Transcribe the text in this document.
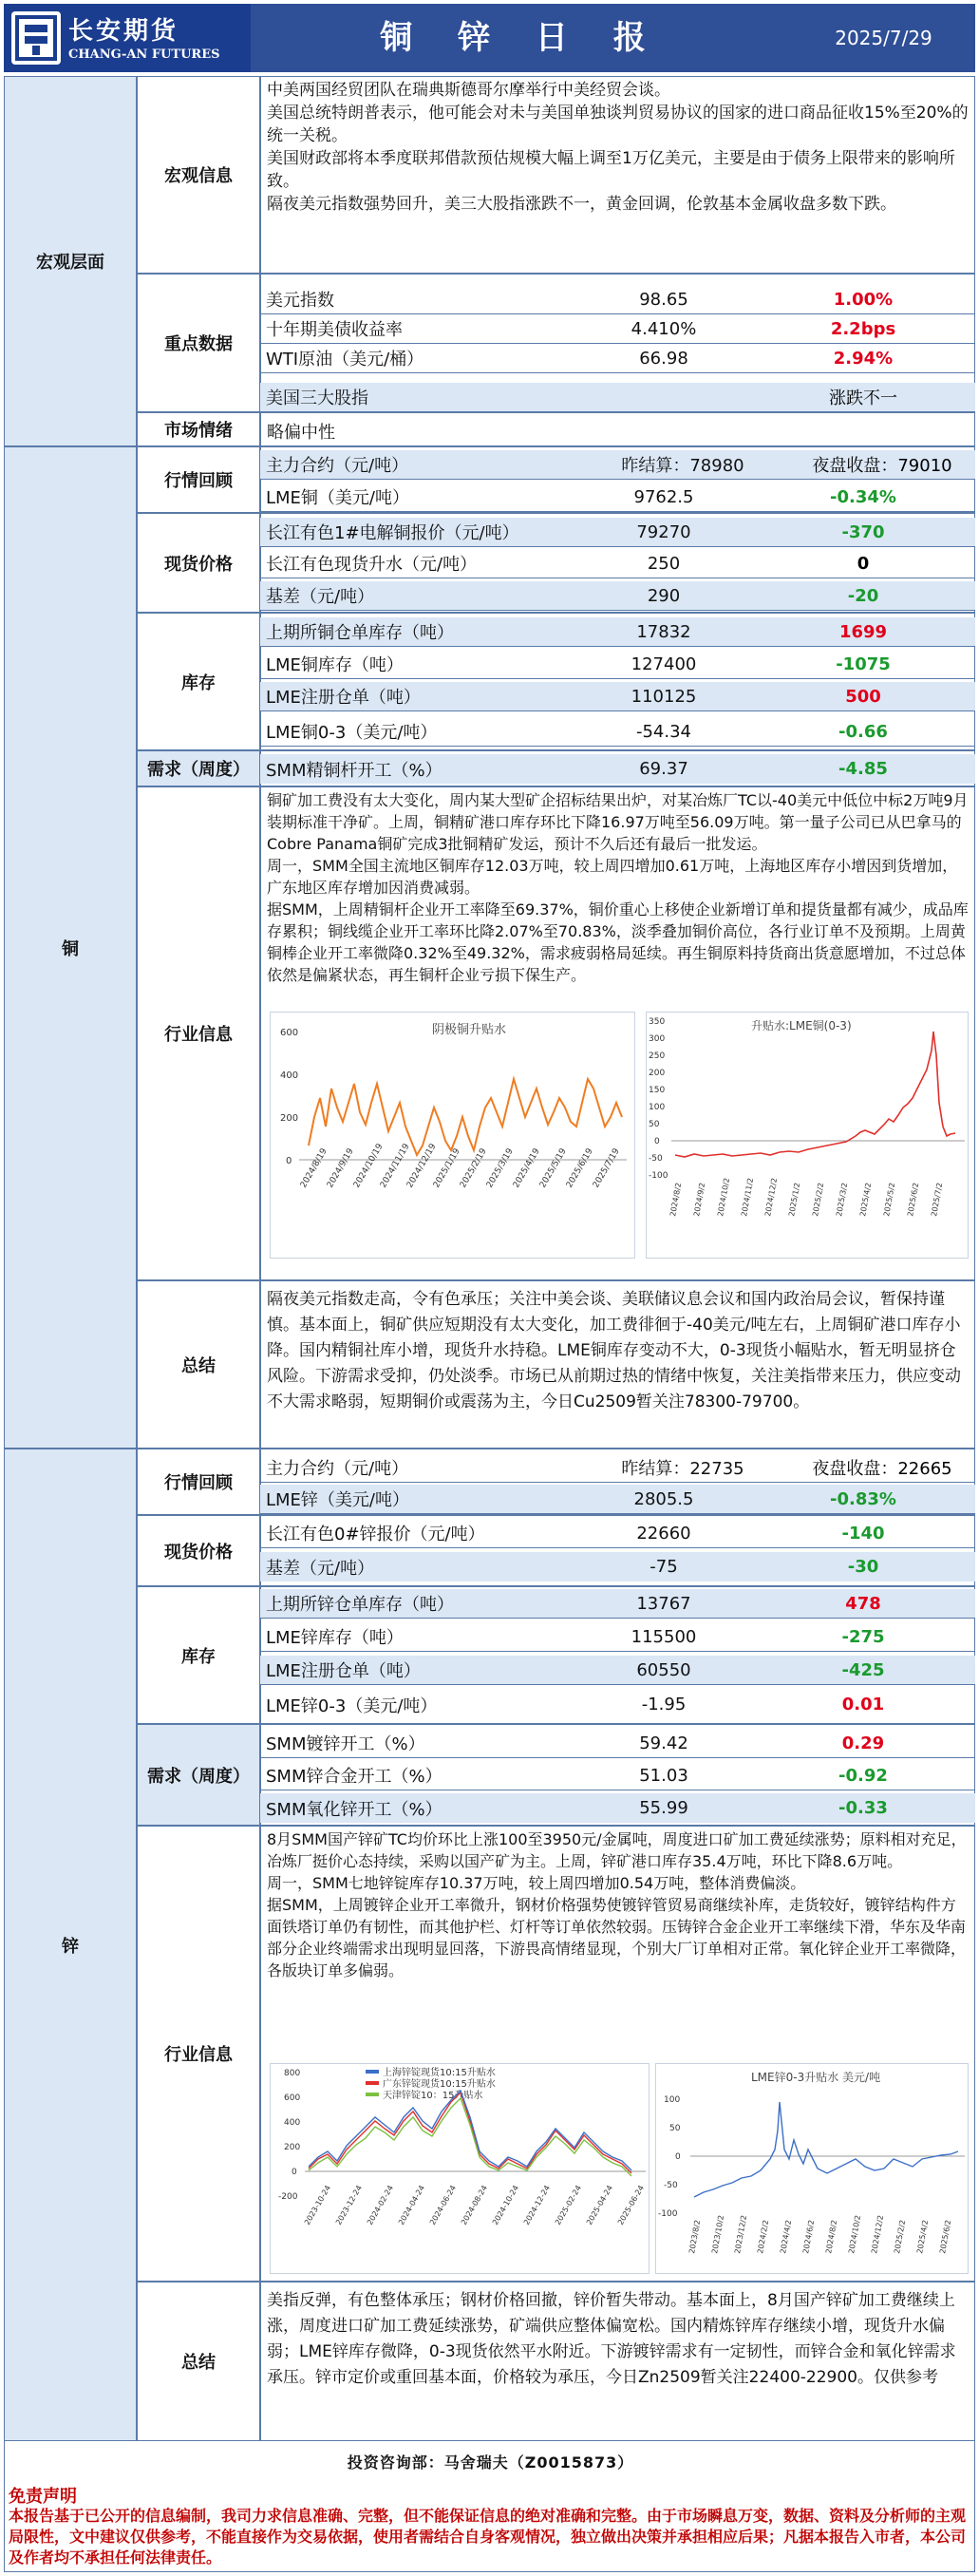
长安期货
CHANG-AN FUTURES	铜 锌 日 报	2025/7/29
宏观层面
宏观信息
中美两国经贸团队在瑞典斯德哥尔摩举行中美经贸会谈。
美国总统特朗普表示，他可能会对未与美国单独谈判贸易协议的国家的进口商品征收15%至20%的统一关税。
美国财政部将本季度联邦借款预估规模大幅上调至1万亿美元，主要是由于债务上限带来的影响所致。
隔夜美元指数强势回升，美三大股指涨跌不一，黄金回调，伦敦基本金属收盘多数下跌。
重点数据
美元指数	98.65	1.00%
十年期美债收益率	4.410%	2.2bps
WTI原油（美元/桶）	66.98	2.94%
美国三大股指	涨跌不一
市场情绪	略偏中性
铜
行情回顾
主力合约（元/吨）	昨结算：78980	夜盘收盘：79010
LME铜（美元/吨）	9762.5	-0.34%
现货价格
长江有色1#电解铜报价（元/吨）	79270	-370
长江有色现货升水（元/吨）	250	0
基差（元/吨）	290	-20
库存
上期所铜仓单库存（吨）	17832	1699
LME铜库存（吨）	127400	-1075
LME注册仓单（吨）	110125	500
LME铜0-3（美元/吨）	-54.34	-0.66
需求（周度） SMM精铜杆开工（%）	69.37	-4.85
行业信息
铜矿加工费没有太大变化，周内某大型矿企招标结果出炉，对某冶炼厂TC以-40美元中低位中标2万吨9月装期标准干净矿。上周，铜精矿港口库存环比下降16.97万吨至56.09万吨。第一量子公司已从巴拿马的Cobre Panama铜矿完成3批铜精矿发运，预计不久后还有最后一批发运。
周一，SMM全国主流地区铜库存12.03万吨，较上周四增加0.61万吨，上海地区库存小增因到货增加，广东地区库存增加因消费减弱。
据SMM，上周精铜杆企业开工率降至69.37%，铜价重心上移使企业新增订单和提货量都有减少，成品库存累积；铜线缆企业开工率环比降2.07%至70.83%，淡季叠加铜价高位，各行业订单不及预期。上周黄铜棒企业开工率微降0.32%至49.32%，需求疲弱格局延续。再生铜原料持货商出货意愿增加，不过总体依然是偏紧状态，再生铜杆企业亏损下保生产。
阴极铜升贴水
600
400
200
0 2024/8/19
2024/9/19
2024/10/19
2024/11/19
2024/12/19
2025/1/19
2025/2/19
2025/3/19
2025/4/19
2025/5/19
2025/6/19
2025/7/19
升贴水:LME铜(0-3)
350
300
250
200
150
100
50
0
-50
-100
2024/8/2 2024/9/2 2024/10/2 2024/11/2 2024/12/2 2025/1/2 2025/2/2 2025/3/2 2025/4/2 2025/5/2 2025/6/2 2025/7/2
总结
隔夜美元指数走高，令有色承压；关注中美会谈、美联储议息会议和国内政治局会议，暂保持谨慎。基本面上，铜矿供应短期没有太大变化，加工费徘徊于-40美元/吨左右，上周铜矿港口库存小降。国内精铜社库小增，现货升水持稳。LME铜库存变动不大，0-3现货小幅贴水，暂无明显挤仓风险。下游需求受抑，仍处淡季。市场已从前期过热的情绪中恢复，关注美指带来压力，供应变动不大需求略弱，短期铜价或震荡为主，今日Cu2509暂关注78300-79700。
锌
行情回顾
主力合约（元/吨）	昨结算：22735	夜盘收盘：22665
LME锌（美元/吨）	2805.5	-0.83%
现货价格
长江有色0#锌报价（元/吨）	22660	-140
基差（元/吨）	-75	-30
库存
上期所锌仓单库存（吨）	13767	478
LME锌库存（吨）	115500	-275
LME注册仓单（吨）	60550	-425
LME锌0-3（美元/吨）	-1.95	0.01
需求（周度）
SMM镀锌开工（%）	59.42	0.29
SMM锌合金开工（%）	51.03	-0.92
SMM氧化锌开工（%）	55.99	-0.33
行业信息
8月SMM国产锌矿TC均价环比上涨100至3950元/金属吨，周度进口矿加工费延续涨势；原料相对充足，冶炼厂挺价心态持续，采购以国产矿为主。上周，锌矿港口库存35.4万吨，环比下降8.6万吨。
周一，SMM七地锌锭库存10.37万吨，较上周四增加0.54万吨，整体消费偏淡。
据SMM，上周镀锌企业开工率微升，钢材价格强势使镀锌管贸易商继续补库，走货较好，镀锌结构件方面铁塔订单仍有韧性，而其他护栏、灯杆等订单依然较弱。压铸锌合金企业开工率继续下滑，华东及华南部分企业终端需求出现明显回落，下游畏高情绪显现，个别大厂订单相对正常。氧化锌企业开工率微降，各版块订单多偏弱。
上海锌锭现货10:15升贴水
广东锌锭现货10:15升贴水
天津锌锭10：15升贴水
800
600
400
200
0
-200 2023-10-24 2023-12-24 2024-02-24 2024-04-24 2024-06-24 2024-08-24 2024-10-24 2024-12-24 2025-02-24 2025-04-24 2025-06-24
LME锌0-3升贴水 美元/吨
100
50
0
-50
-100
2023/8/2 2023/10/2 2023/12/2 2024/2/2 2024/4/2 2024/6/2 2024/8/2 2024/10/2 2024/12/2 2025/2/2 2025/4/2 2025/6/2
总结
美指反弹，有色整体承压；钢材价格回撤，锌价暂失带动。基本面上，8月国产锌矿加工费继续上涨，周度进口矿加工费延续涨势，矿端供应整体偏宽松。国内精炼锌库存继续小增，现货升水偏弱；LME锌库存微降，0-3现货依然平水附近。下游镀锌需求有一定韧性，而锌合金和氧化锌需求承压。锌市定价或重回基本面，价格较为承压，今日Zn2509暂关注22400-22900。仅供参考
投资咨询部：马舍瑞夫（Z0015873）
免责声明
本报告基于已公开的信息编制，我司力求信息准确、完整，但不能保证信息的绝对准确和完整。由于市场瞬息万变，数据、资料及分析师的主观局限性，文中建议仅供参考，不能直接作为交易依据，使用者需结合自身客观情况，独立做出决策并承担相应后果；凡据本报告入市者，本公司及作者均不承担任何法律责任。
